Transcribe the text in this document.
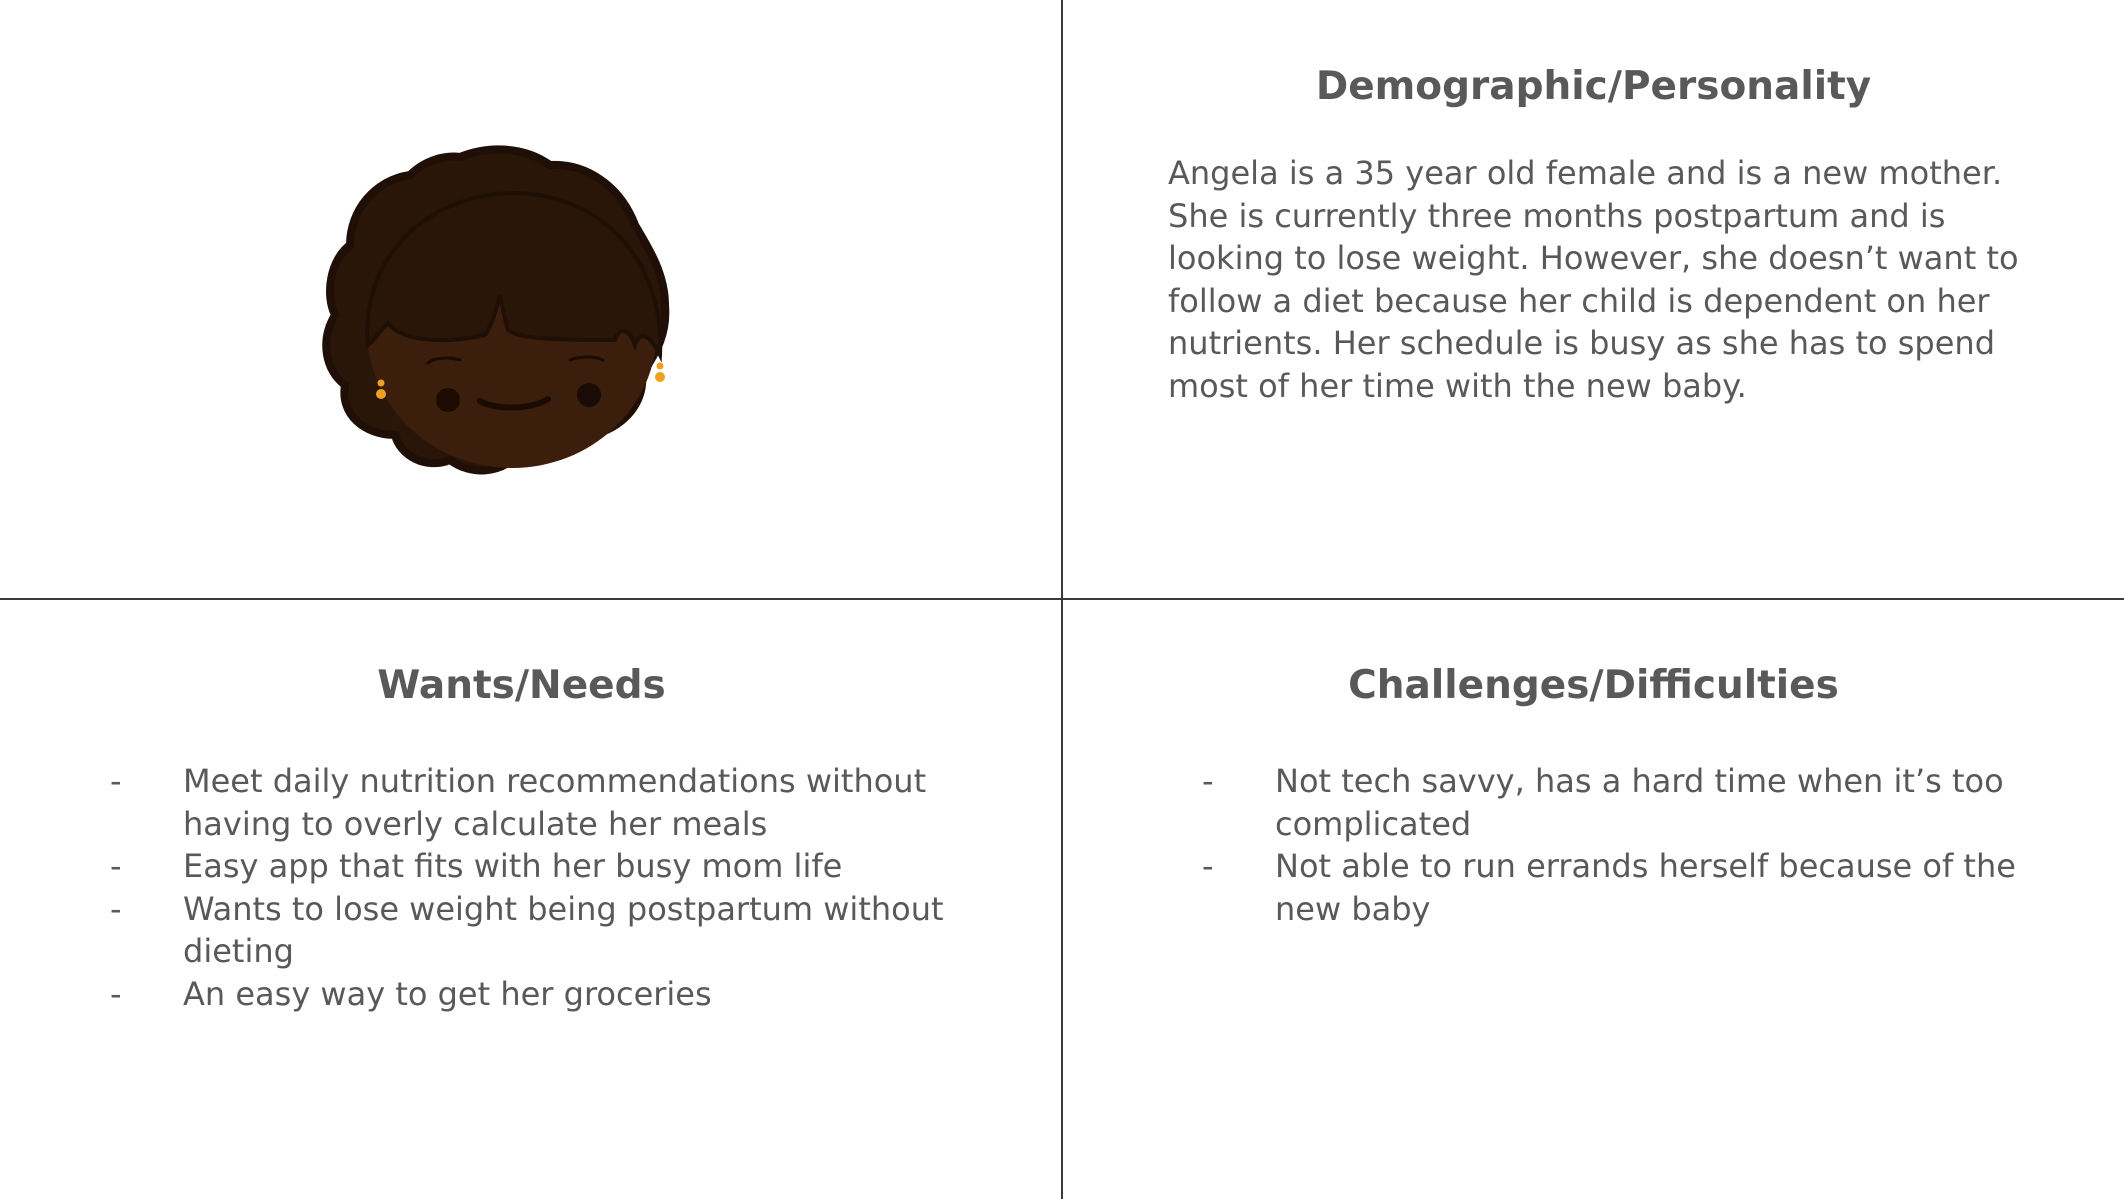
Demographic/Personality

Angela is a 35 year old female and is a new mother. She is currently three months postpartum and is looking to lose weight. However, she doesn’t want to follow a diet because her child is dependent on her nutrients. Her schedule is busy as she has to spend most of her time with the new baby.

Wants/Needs
- Meet daily nutrition recommendations without having to overly calculate her meals
- Easy app that fits with her busy mom life
- Wants to lose weight being postpartum without dieting
- An easy way to get her groceries
Challenges/Difficulties
- Not tech savvy, has a hard time when it’s too complicated
- Not able to run errands herself because of the new baby
